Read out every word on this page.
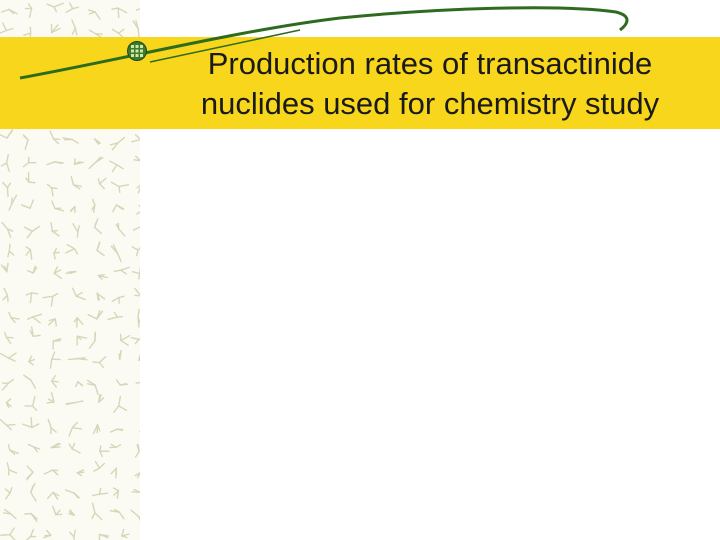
Production rates of transactinide nuclides used for chemistry study
